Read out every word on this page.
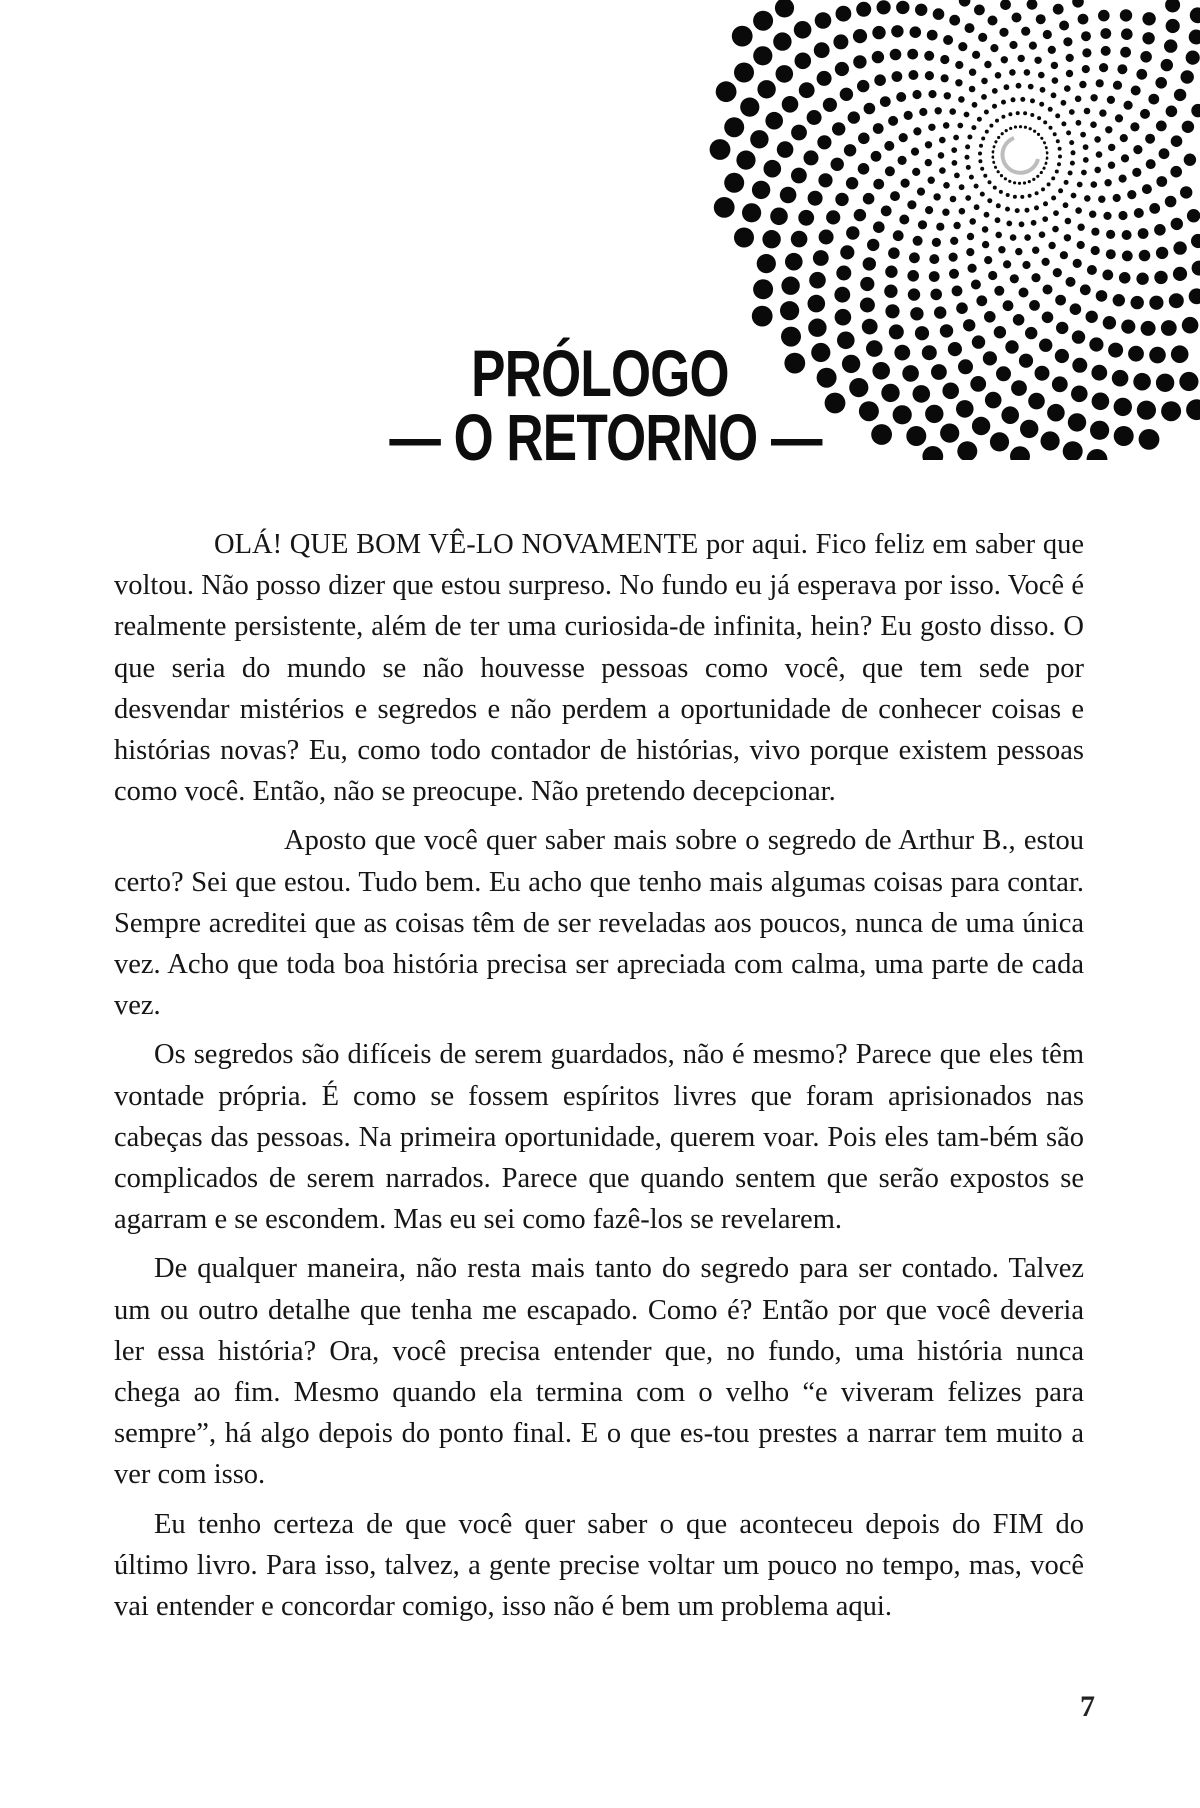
PRÓLOGO
— O RETORNO —

OLÁ! QUE BOM VÊ-LO NOVAMENTE por aqui. Fico feliz em saber que voltou. Não posso dizer que estou surpreso. No fundo eu já esperava por isso. Você é realmente persistente, além de ter uma curiosida-de infinita, hein? Eu gosto disso. O que seria do mundo se não houvesse pessoas como você, que tem sede por desvendar mistérios e segredos e não perdem a oportunidade de conhecer coisas e histórias novas? Eu, como todo contador de histórias, vivo porque existem pessoas como você. Então, não se preocupe. Não pretendo decepcionar.

Aposto que você quer saber mais sobre o segredo de Arthur B., estou certo? Sei que estou. Tudo bem. Eu acho que tenho mais algumas coisas para contar. Sempre acreditei que as coisas têm de ser reveladas aos poucos, nunca de uma única vez. Acho que toda boa história precisa ser apreciada com calma, uma parte de cada vez.

Os segredos são difíceis de serem guardados, não é mesmo? Parece que eles têm vontade própria. É como se fossem espíritos livres que foram aprisionados nas cabeças das pessoas. Na primeira oportunidade, querem voar. Pois eles tam-bém são complicados de serem narrados. Parece que quando sentem que serão expostos se agarram e se escondem. Mas eu sei como fazê-los se revelarem.

De qualquer maneira, não resta mais tanto do segredo para ser contado. Talvez um ou outro detalhe que tenha me escapado. Como é? Então por que você deveria ler essa história? Ora, você precisa entender que, no fundo, uma história nunca chega ao fim. Mesmo quando ela termina com o velho “e viveram felizes para sempre”, há algo depois do ponto final. E o que es-tou prestes a narrar tem muito a ver com isso.

Eu tenho certeza de que você quer saber o que aconteceu depois do FIM do último livro. Para isso, talvez, a gente precise voltar um pouco no tempo, mas, você vai entender e concordar comigo, isso não é bem um problema aqui.

7
